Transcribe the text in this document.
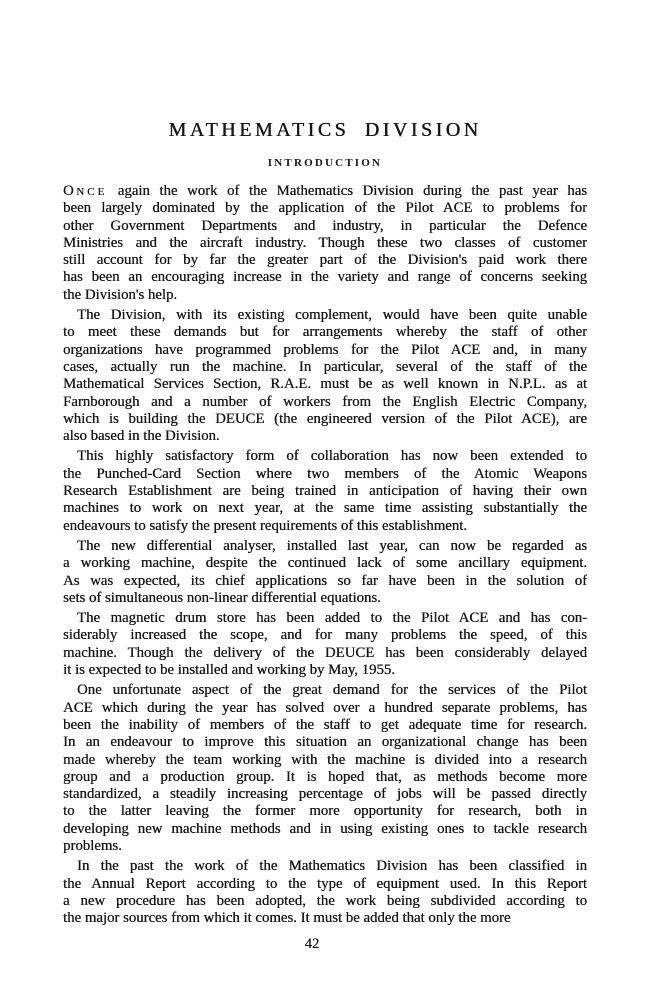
MATHEMATICS DIVISION
INTRODUCTION
ONCE again the work of the Mathematics Division during the past year has
been largely dominated by the application of the Pilot ACE to problems for
other Government Departments and industry, in particular the Defence
Ministries and the aircraft industry. Though these two classes of customer
still account for by far the greater part of the Division's paid work there
has been an encouraging increase in the variety and range of concerns seeking
the Division's help.
The Division, with its existing complement, would have been quite unable
to meet these demands but for arrangements whereby the staff of other
organizations have programmed problems for the Pilot ACE and, in many
cases, actually run the machine. In particular, several of the staff of the
Mathematical Services Section, R.A.E. must be as well known in N.P.L. as at
Farnborough and a number of workers from the English Electric Company,
which is building the DEUCE (the engineered version of the Pilot ACE), are
also based in the Division.
This highly satisfactory form of collaboration has now been extended to
the Punched-Card Section where two members of the Atomic Weapons
Research Establishment are being trained in anticipation of having their own
machines to work on next year, at the same time assisting substantially the
endeavours to satisfy the present requirements of this establishment.
The new differential analyser, installed last year, can now be regarded as
a working machine, despite the continued lack of some ancillary equipment.
As was expected, its chief applications so far have been in the solution of
sets of simultaneous non-linear differential equations.
The magnetic drum store has been added to the Pilot ACE and has con-
siderably increased the scope, and for many problems the speed, of this
machine. Though the delivery of the DEUCE has been considerably delayed
it is expected to be installed and working by May, 1955.
One unfortunate aspect of the great demand for the services of the Pilot
ACE which during the year has solved over a hundred separate problems, has
been the inability of members of the staff to get adequate time for research.
In an endeavour to improve this situation an organizational change has been
made whereby the team working with the machine is divided into a research
group and a production group. It is hoped that, as methods become more
standardized, a steadily increasing percentage of jobs will be passed directly
to the latter leaving the former more opportunity for research, both in
developing new machine methods and in using existing ones to tackle research
problems.
In the past the work of the Mathematics Division has been classified in
the Annual Report according to the type of equipment used. In this Report
a new procedure has been adopted, the work being subdivided according to
the major sources from which it comes. It must be added that only the more
42
